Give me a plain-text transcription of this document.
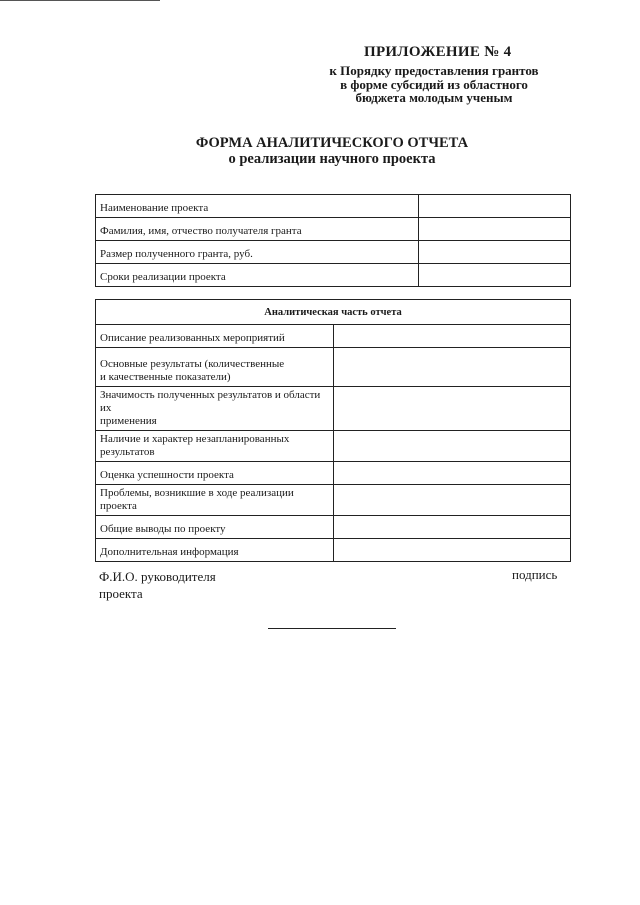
ПРИЛОЖЕНИЕ № 4
к Порядку предоставления грантов
в форме субсидий из областного
бюджета молодым ученым
ФОРМА АНАЛИТИЧЕСКОГО ОТЧЕТА
о реализации научного проекта
Наименование проекта	
Фамилия, имя, отчество получателя гранта	
Размер полученного гранта, руб.	
Сроки реализации проекта	
Аналитическая часть отчета	
Описание реализованных мероприятий	
Основные результаты (количественные
и качественные показатели)	
Значимость полученных результатов и области их
применения	
Наличие и характер незапланированных результатов	
Оценка успешности проекта	
Проблемы, возникшие в ходе реализации проекта	
Общие выводы по проекту	
Дополнительная информация	
Ф.И.О. руководителя
проекта
подпись
